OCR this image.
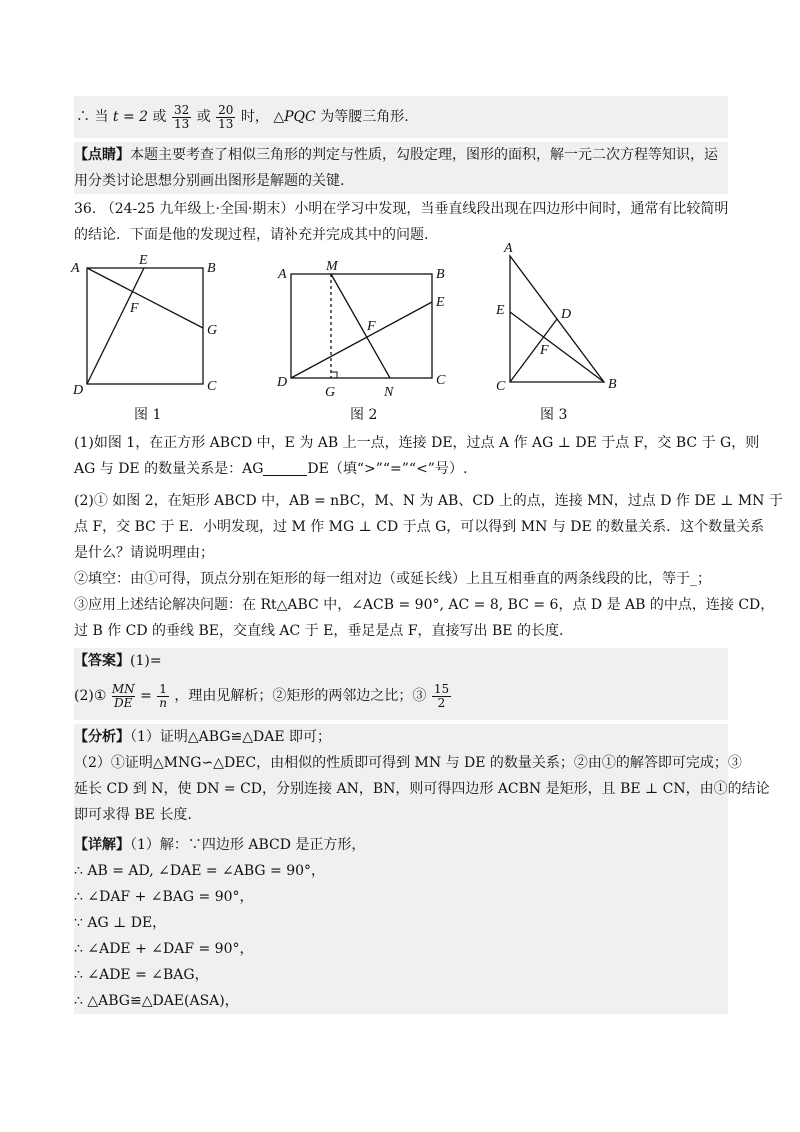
∴ 当 t = 2 或 $\frac{32}{13}$ 或 $\frac{20}{13}$ 时， △PQC 为等腰三角形.

【点睛】本题主要考查了相似三角形的判定与性质，勾股定理，图形的面积，解一元二次方程等知识，运

用分类讨论思想分别画出图形是解题的关键.

36. （24-25 九年级上·全国·期末）小明在学习中发现，当垂直线段出现在四边形中间时，通常有比较简明

的结论．下面是他的发现过程，请补充并完成其中的问题.

A	B
C
D
E
F
G
A	B
C
D
E
F
G
M
N
A
B
C
D
E
F
图 1	图 2	图 3

(1)如图 1，在正方形 ABCD 中，E 为 AB 上一点，连接 DE，过点 A 作 AG ⊥ DE 于点 F，交 BC 于 G，则

AG 与 DE 的数量关系是：AG	DE（填“>”“=”“<”号）.

(2)① 如图 2，在矩形 ABCD 中，AB = nBC，M、N 为 AB、CD 上的点，连接 MN，过点 D 作 DE ⊥ MN 于

点 F，交 BC 于 E．小明发现，过 M 作 MG ⊥ CD 于点 G，可以得到 MN 与 DE 的数量关系．这个数量关系

是什么？请说明理由；

②填空：由①可得，顶点分别在矩形的每一组对边（或延长线）上且互相垂直的两条线段的比，等于_；

③应用上述结论解决问题：在 Rt△ABC 中，∠ACB = 90°, AC = 8, BC = 6，点 D 是 AB 的中点，连接 CD，

过 B 作 CD 的垂线 BE，交直线 AC 于 E，垂足是点 F，直接写出 BE 的长度.

【答案】(1)=

(2)① $\frac{MN}{DE} = \frac{1}{n}$ ，理由见解析；②矩形的两邻边之比；③ $\frac{15}{2}$

【分析】（1）证明△ABG≌△DAE 即可；

（2）①证明△MNG∽△DEC，由相似的性质即可得到 MN 与 DE 的数量关系；②由①的解答即可完成；③

延长 CD 到 N，使 DN = CD，分别连接 AN，BN，则可得四边形 ACBN 是矩形，且 BE ⊥ CN，由①的结论

即可求得 BE 长度.

【详解】（1）解：∵四边形 ABCD 是正方形，

∴ AB = AD, ∠DAE = ∠ABG = 90°，

∴ ∠DAF + ∠BAG = 90°，

∵ AG ⊥ DE，

∴ ∠ADE + ∠DAF = 90°，

∴ ∠ADE = ∠BAG，

∴ △ABG≌△DAE(ASA)，
